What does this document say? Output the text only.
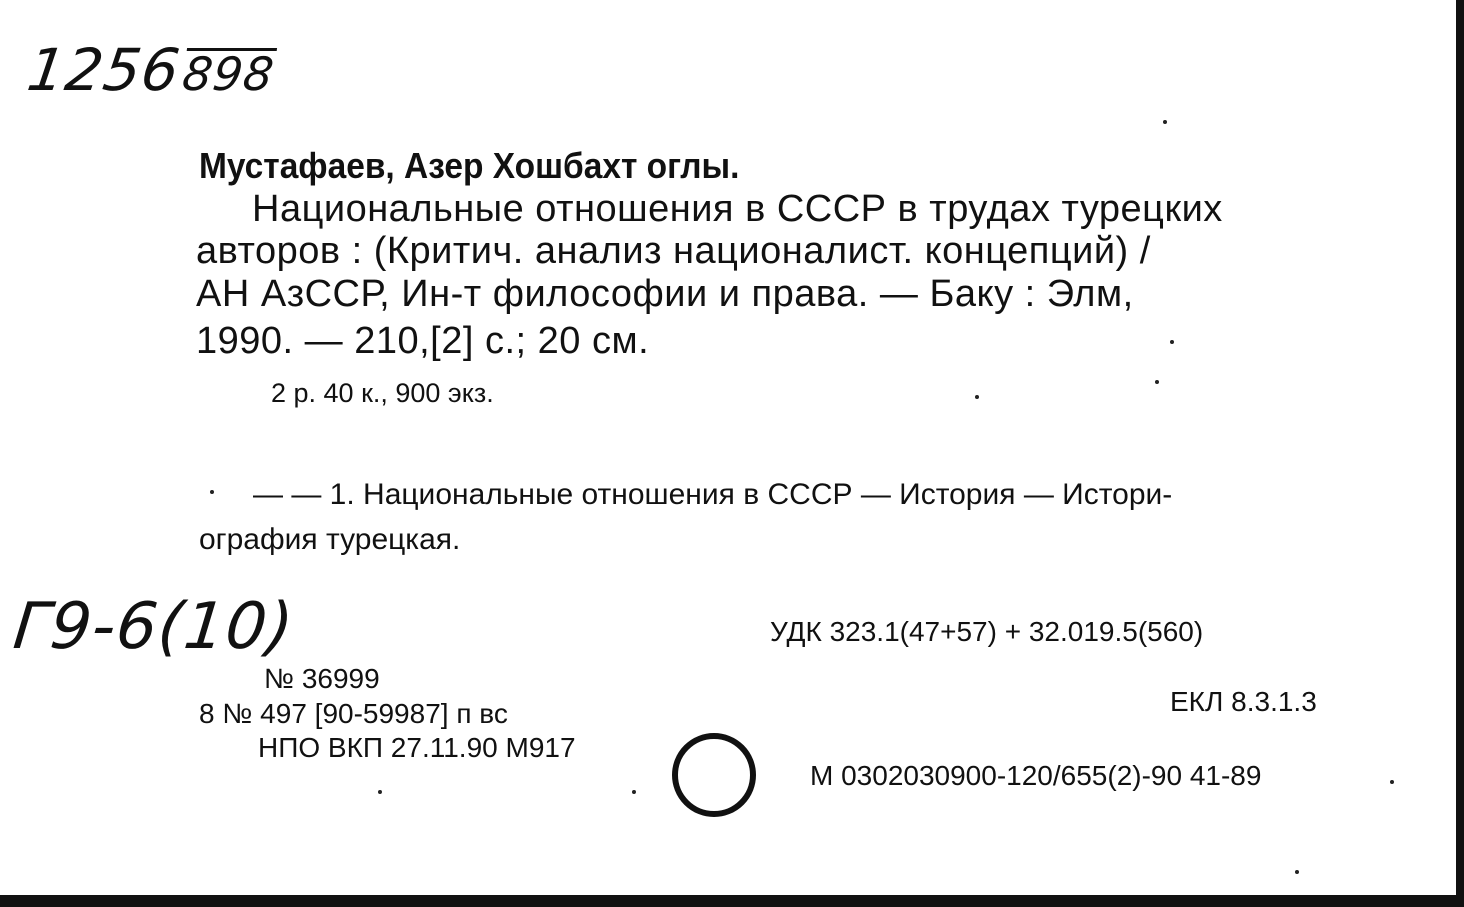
1256898
Мустафаев, Азер Хошбахт оглы.
Национальные отношения в СССР в трудах турецких
авторов : (Критич. анализ националист. концепций) /
АН АзССР, Ин-т философии и права. — Баку : Элм,
1990. — 210,[2] с.; 20 см.
2 р. 40 к., 900 экз.
— — 1. Национальные отношения в СССР — История — Истори-
ография турецкая.
Г9-6(10)	УДК 323.1(47+57) + 32.019.5(560)
№ 36999
ЕКЛ 8.3.1.3
8 № 497 [90-59987] п вс
НПО ВКП 27.11.90 М917
М 0302030900-120/655(2)-90 41-89
